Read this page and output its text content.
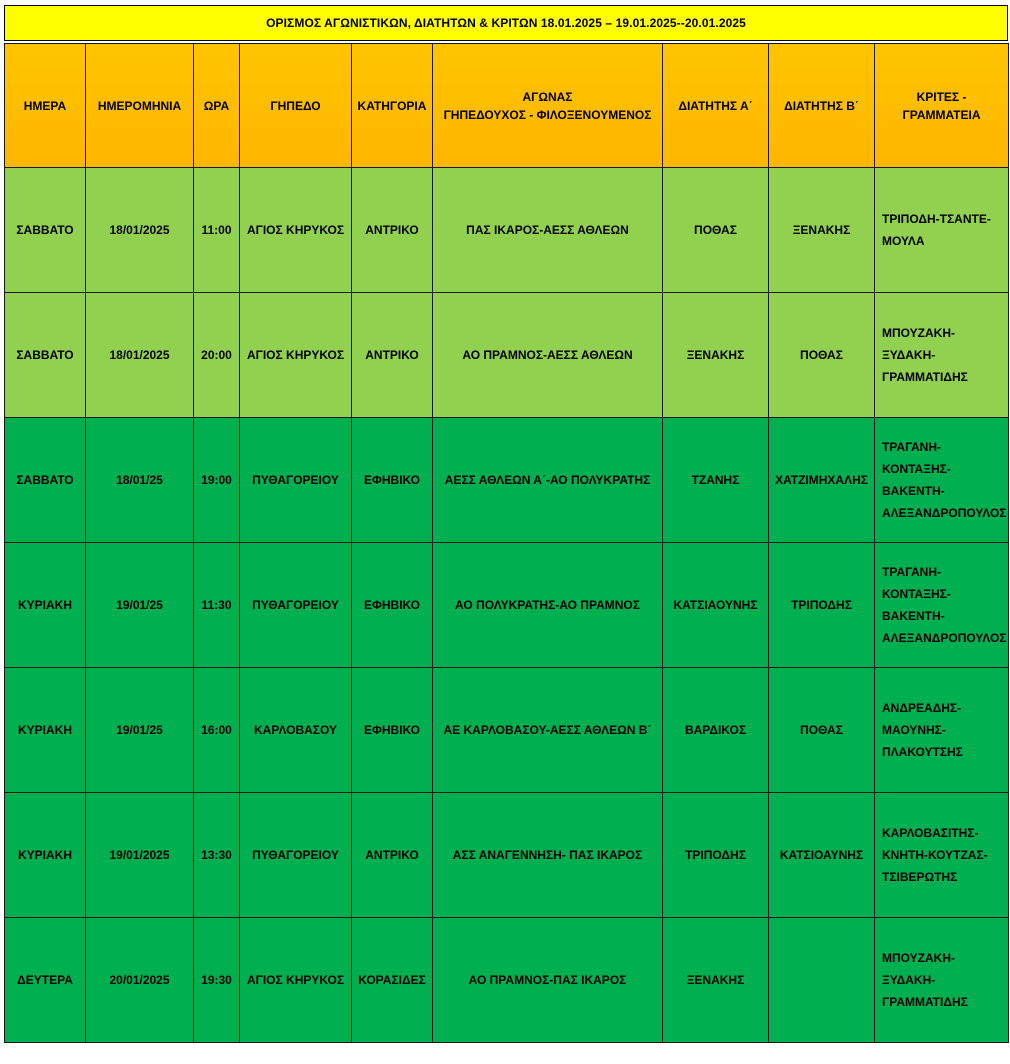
ΟΡΙΣΜΟΣ ΑΓΩΝΙΣΤΙΚΩΝ, ΔΙΑΤΗΤΩΝ & ΚΡΙΤΩΝ 18.01.2025 – 19.01.2025--20.01.2025
ΗΜΕΡΑ	ΗΜΕΡΟΜΗΝΙΑ	ΩΡΑ	ΓΗΠΕΔΟ	ΚΑΤΗΓΟΡΙΑ	ΑΓΩΝΑΣ
ΓΗΠΕΔΟΥΧΟΣ - ΦΙΛΟΞΕΝΟΥΜΕΝΟΣ	ΔΙΑΤΗΤΗΣ Α΄	ΔΙΑΤΗΤΗΣ Β΄	ΚΡΙΤΕΣ -
ΓΡΑΜΜΑΤΕΙΑ

ΣΑΒΒΑΤΟ	18/01/2025	11:00	ΑΓΙΟΣ ΚΗΡΥΚΟΣ	ΑΝΤΡΙΚΟ	ΠΑΣ ΙΚΑΡΟΣ-ΑΕΣΣ ΑΘΛΕΩΝ	ΠΟΘΑΣ	ΞΕΝΑΚΗΣ	ΤΡΙΠΟΔΗ-ΤΣΑΝΤΕ-
ΜΟΥΛΑ

ΣΑΒΒΑΤΟ	18/01/2025	20:00	ΑΓΙΟΣ ΚΗΡΥΚΟΣ	ΑΝΤΡΙΚΟ	ΑΟ ΠΡΑΜΝΟΣ-ΑΕΣΣ ΑΘΛΕΩΝ	ΞΕΝΑΚΗΣ	ΠΟΘΑΣ	ΜΠΟΥΖΑΚΗ-
ΞΥΔΑΚΗ-
ΓΡΑΜΜΑΤΙΔΗΣ

ΣΑΒΒΑΤΟ	18/01/25	19:00	ΠΥΘΑΓΟΡΕΙΟΥ	ΕΦΗΒΙΚΟ	ΑΕΣΣ ΑΘΛΕΩΝ Α΄-ΑΟ ΠΟΛΥΚΡΑΤΗΣ	ΤΖΑΝΗΣ	ΧΑΤΖΙΜΗΧΑΛΗΣ	ΤΡΑΓΑΝΗ-
ΚΟΝΤΑΞΗΣ-
ΒΑΚΕΝΤΗ-
ΑΛΕΞΑΝΔΡΟΠΟΥΛΟΣ

ΚΥΡΙΑΚΗ	19/01/25	11:30	ΠΥΘΑΓΟΡΕΙΟΥ	ΕΦΗΒΙΚΟ	ΑΟ ΠΟΛΥΚΡΑΤΗΣ-ΑΟ ΠΡΑΜΝΟΣ	ΚΑΤΣΙΑΟΥΝΗΣ	ΤΡΙΠΟΔΗΣ	ΤΡΑΓΑΝΗ-
ΚΟΝΤΑΞΗΣ-
ΒΑΚΕΝΤΗ-
ΑΛΕΞΑΝΔΡΟΠΟΥΛΟΣ

ΚΥΡΙΑΚΗ	19/01/25	16:00	ΚΑΡΛΟΒΑΣΟΥ	ΕΦΗΒΙΚΟ	ΑΕ ΚΑΡΛΟΒΑΣΟΥ-ΑΕΣΣ ΑΘΛΕΩΝ Β΄	ΒΑΡΔΙΚΟΣ	ΠΟΘΑΣ	ΑΝΔΡΕΑΔΗΣ-
ΜΑΟΥΝΗΣ-
ΠΛΑΚΟΥΤΣΗΣ

ΚΥΡΙΑΚΗ	19/01/2025	13:30	ΠΥΘΑΓΟΡΕΙΟΥ	ΑΝΤΡΙΚΟ	ΑΣΣ ΑΝΑΓΕΝΝΗΣΗ- ΠΑΣ ΙΚΑΡΟΣ	ΤΡΙΠΟΔΗΣ	ΚΑΤΣΙΟΑΥΝΗΣ	ΚΑΡΛΟΒΑΣΙΤΗΣ-
ΚΝΗΤΗ-ΚΟΥΤΖΑΣ-
ΤΣΙΒΕΡΩΤΗΣ

ΔΕΥΤΕΡΑ	20/01/2025	19:30	ΑΓΙΟΣ ΚΗΡΥΚΟΣ	ΚΟΡΑΣΙΔΕΣ	ΑΟ ΠΡΑΜΝΟΣ-ΠΑΣ ΙΚΑΡΟΣ	ΞΕΝΑΚΗΣ		ΜΠΟΥΖΑΚΗ-
ΞΥΔΑΚΗ-
ΓΡΑΜΜΑΤΙΔΗΣ
